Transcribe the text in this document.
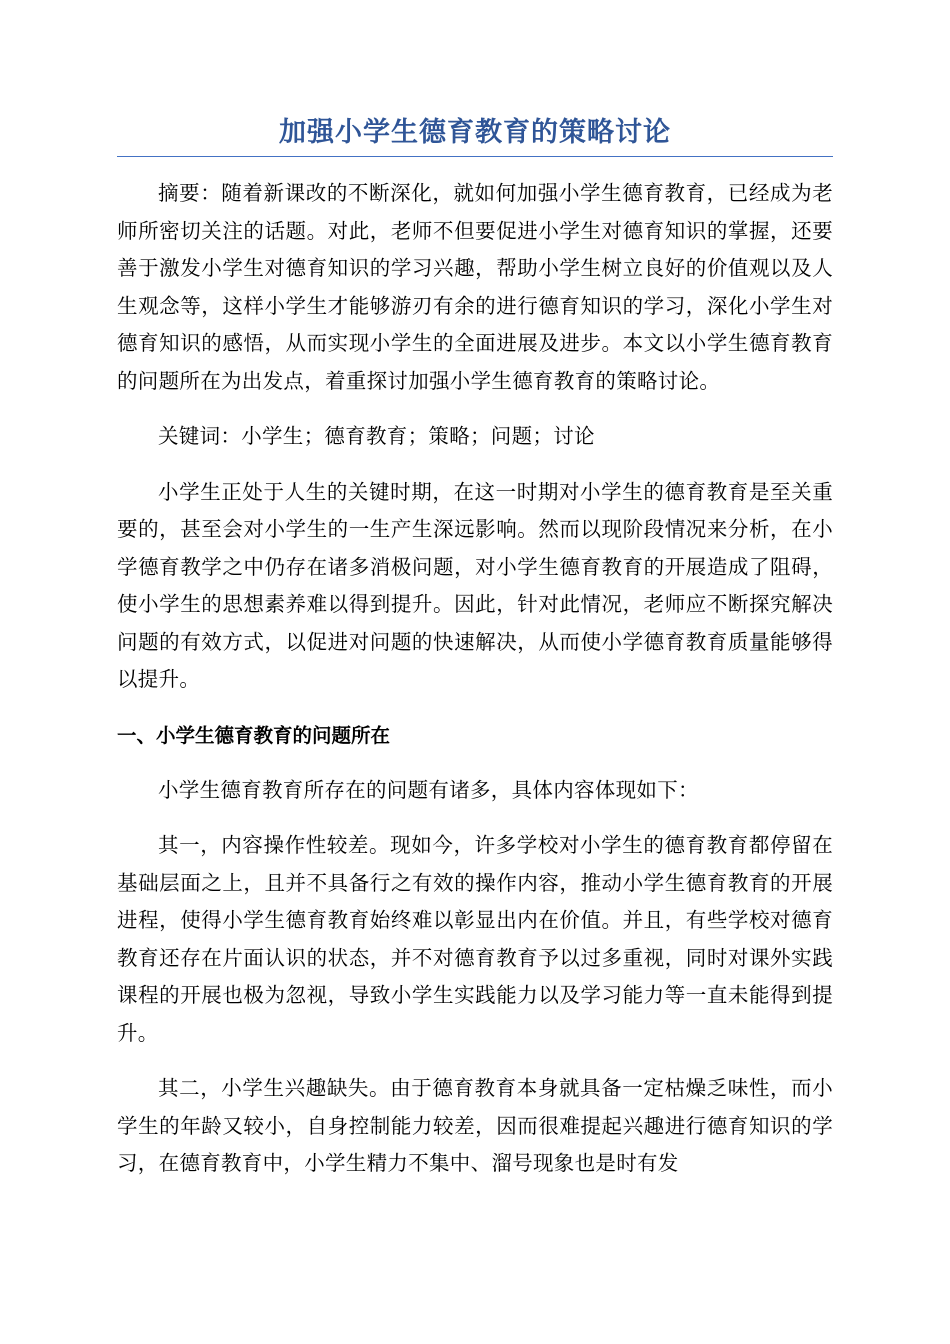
加强小学生德育教育的策略讨论

摘要：随着新课改的不断深化，就如何加强小学生德育教育，已经成为老师所密切关注的话题。对此，老师不但要促进小学生对德育知识的掌握，还要善于激发小学生对德育知识的学习兴趣，帮助小学生树立良好的价值观以及人生观念等，这样小学生才能够游刃有余的进行德育知识的学习，深化小学生对德育知识的感悟，从而实现小学生的全面进展及进步。本文以小学生德育教育的问题所在为出发点，着重探讨加强小学生德育教育的策略讨论。

关键词：小学生；德育教育；策略；问题；讨论

小学生正处于人生的关键时期，在这一时期对小学生的德育教育是至关重要的，甚至会对小学生的一生产生深远影响。然而以现阶段情况来分析，在小学德育教学之中仍存在诸多消极问题，对小学生德育教育的开展造成了阻碍，使小学生的思想素养难以得到提升。因此，针对此情况，老师应不断探究解决问题的有效方式，以促进对问题的快速解决，从而使小学德育教育质量能够得以提升。

一、小学生德育教育的问题所在

小学生德育教育所存在的问题有诸多，具体内容体现如下：

其一，内容操作性较差。现如今，许多学校对小学生的德育教育都停留在基础层面之上，且并不具备行之有效的操作内容，推动小学生德育教育的开展进程，使得小学生德育教育始终难以彰显出内在价值。并且，有些学校对德育教育还存在片面认识的状态，并不对德育教育予以过多重视，同时对课外实践课程的开展也极为忽视，导致小学生实践能力以及学习能力等一直未能得到提升。

其二，小学生兴趣缺失。由于德育教育本身就具备一定枯燥乏味性，而小学生的年龄又较小，自身控制能力较差，因而很难提起兴趣进行德育知识的学习，在德育教育中，小学生精力不集中、溜号现象也是时有发
